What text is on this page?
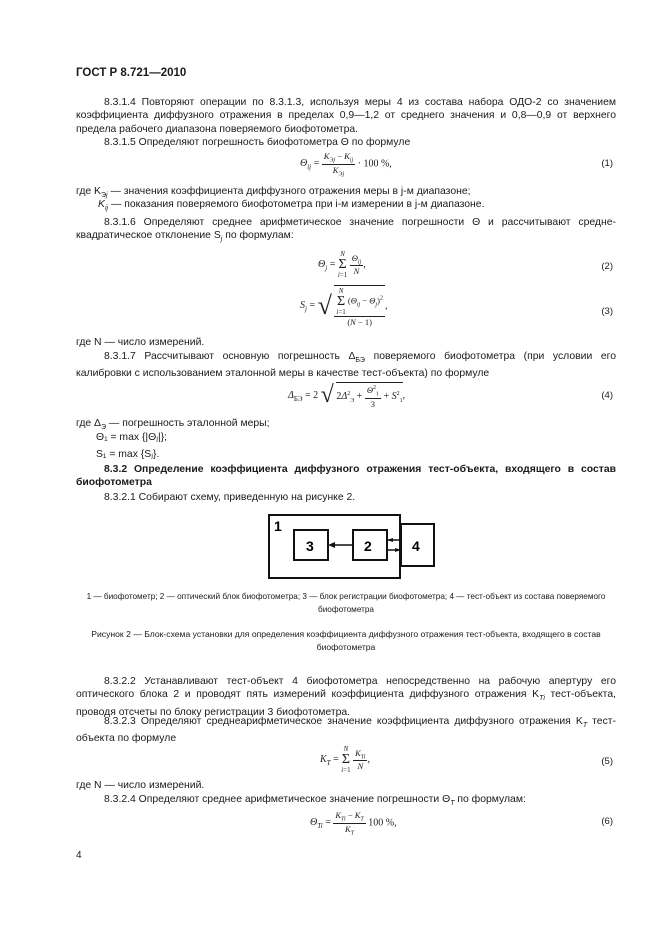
ГОСТ Р 8.721—2010
8.3.1.4 Повторяют операции по 8.3.1.3, используя меры 4 из состава набора ОДО-2 со значением коэффициента диффузного отражения в пределах 0,9—1,2 от среднего значения и 0,8—0,9 от верхнего предела рабочего диапазона поверяемого биофотометра.
8.3.1.5 Определяют погрешность биофотометра Θ по формуле
$\Theta_{ij}$ =
$K_{Эj} - K_{ij}$
$K_{Эj}$
· 100 %,	(1)
где $K_{Эj}$ — значения коэффициента диффузного отражения меры в j-м диапазоне;
$K_{ij}$ — показания поверяемого биофотометра при i-м измерении в j-м диапазоне.
8.3.1.6 Определяют среднее арифметическое значение погрешности Θ и рассчитывают среднеквадратическое отклонение $S_j$ по формулам:
$\Theta_j = N$
Σ
i=1
$\Theta_{ij}$
N
,	(2)
$S_j$ = √ N
Σ
i=1 $(\Theta_{ij} - \Theta_j)^2$
(N − 1)
,
(3)
где N — число измерений.
8.3.1.7 Рассчитывают основную погрешность $\Delta_{БЭ}$ поверяемого биофотометра (при условии его калибровки с использованием эталонной меры в качестве тест-объекта) по формуле
$\Delta_{БЭ} = 2$ √ $2\Delta^2_Э + \frac{\Theta^2_1}{3} + S^2_1$,	(4)
где $\Delta_Э$ — погрешность эталонной меры;
Θ₁ = max {|Θⱼ|};
S₁ = max {Sⱼ}.
8.3.2 Определение коэффициента диффузного отражения тест-объекта, входящего в состав биофотометра
8.3.2.1 Собирают схему, приведенную на рисунке 2.
1
3	2	4
1 — биофотометр; 2 — оптический блок биофотометра; 3 — блок регистрации биофотометра; 4 — тест-объект из состава поверяемого биофотометра
Рисунок 2 — Блок-схема установки для определения коэффициента диффузного отражения тест-объекта, входящего в состав биофотометра
8.3.2.2 Устанавливают тест-объект 4 биофотометра непосредственно на рабочую апертуру его оптического блока 2 и проводят пять измерений коэффициента диффузного отражения $K_{Ti}$ тест-объекта, проводя отсчеты по блоку регистрации 3 биофотометра.
8.3.2.3 Определяют среднеарифметическое значение коэффициента диффузного отражения $K_T$ тест-объекта по формуле
$K_T = N$
Σ
i=1
$K_{Ti}$
N
,	(5)
где N — число измерений.
8.3.2.4 Определяют среднее арифметическое значение погрешности $\Theta_T$ по формулам:
$\Theta_{Ti}$ =
$K_{Ti} - K_T$
$K_T$
100 %,	(6)
4
